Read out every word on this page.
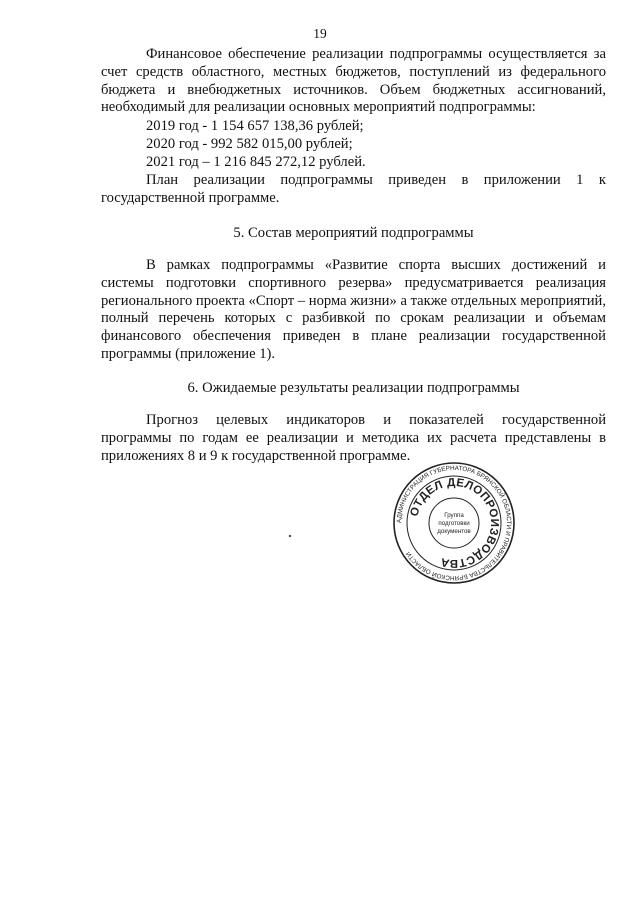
19

Финансовое обеспечение реализации подпрограммы осуществляется за счет средств областного, местных бюджетов, поступлений из федерального бюджета и внебюджетных источников. Объем бюджетных ассигнований, необходимый для реализации основных мероприятий подпрограммы:

2019 год - 1 154 657 138,36 рублей;
2020 год - 992 582 015,00 рублей;
2021 год – 1 216 845 272,12 рублей.

План реализации подпрограммы приведен в приложении 1 к государственной программе.

5. Состав мероприятий подпрограммы

В рамках подпрограммы «Развитие спорта высших достижений и системы подготовки спортивного резерва» предусматривается реализация регионального проекта «Спорт – норма жизни» а также отдельных мероприятий, полный перечень которых с разбивкой по срокам реализации и объемам финансового обеспечения приведен в плане реализации государственной программы (приложение 1).

6. Ожидаемые результаты реализации подпрограммы

Прогноз целевых индикаторов и показателей государственной программы по годам ее реализации и методика их расчета представлены в приложениях 8 и 9 к государственной программе.

АДМИНИСТРАЦИЯ ГУБЕРНАТОРА БРЯНСКОЙ ОБЛАСТИ И ПРАВИТЕЛЬСТВА БРЯНСКОЙ ОБЛАСТИ
ОТДЕЛ ДЕЛОПРОИЗВОДСТВА
Группа
подготовки
документов
